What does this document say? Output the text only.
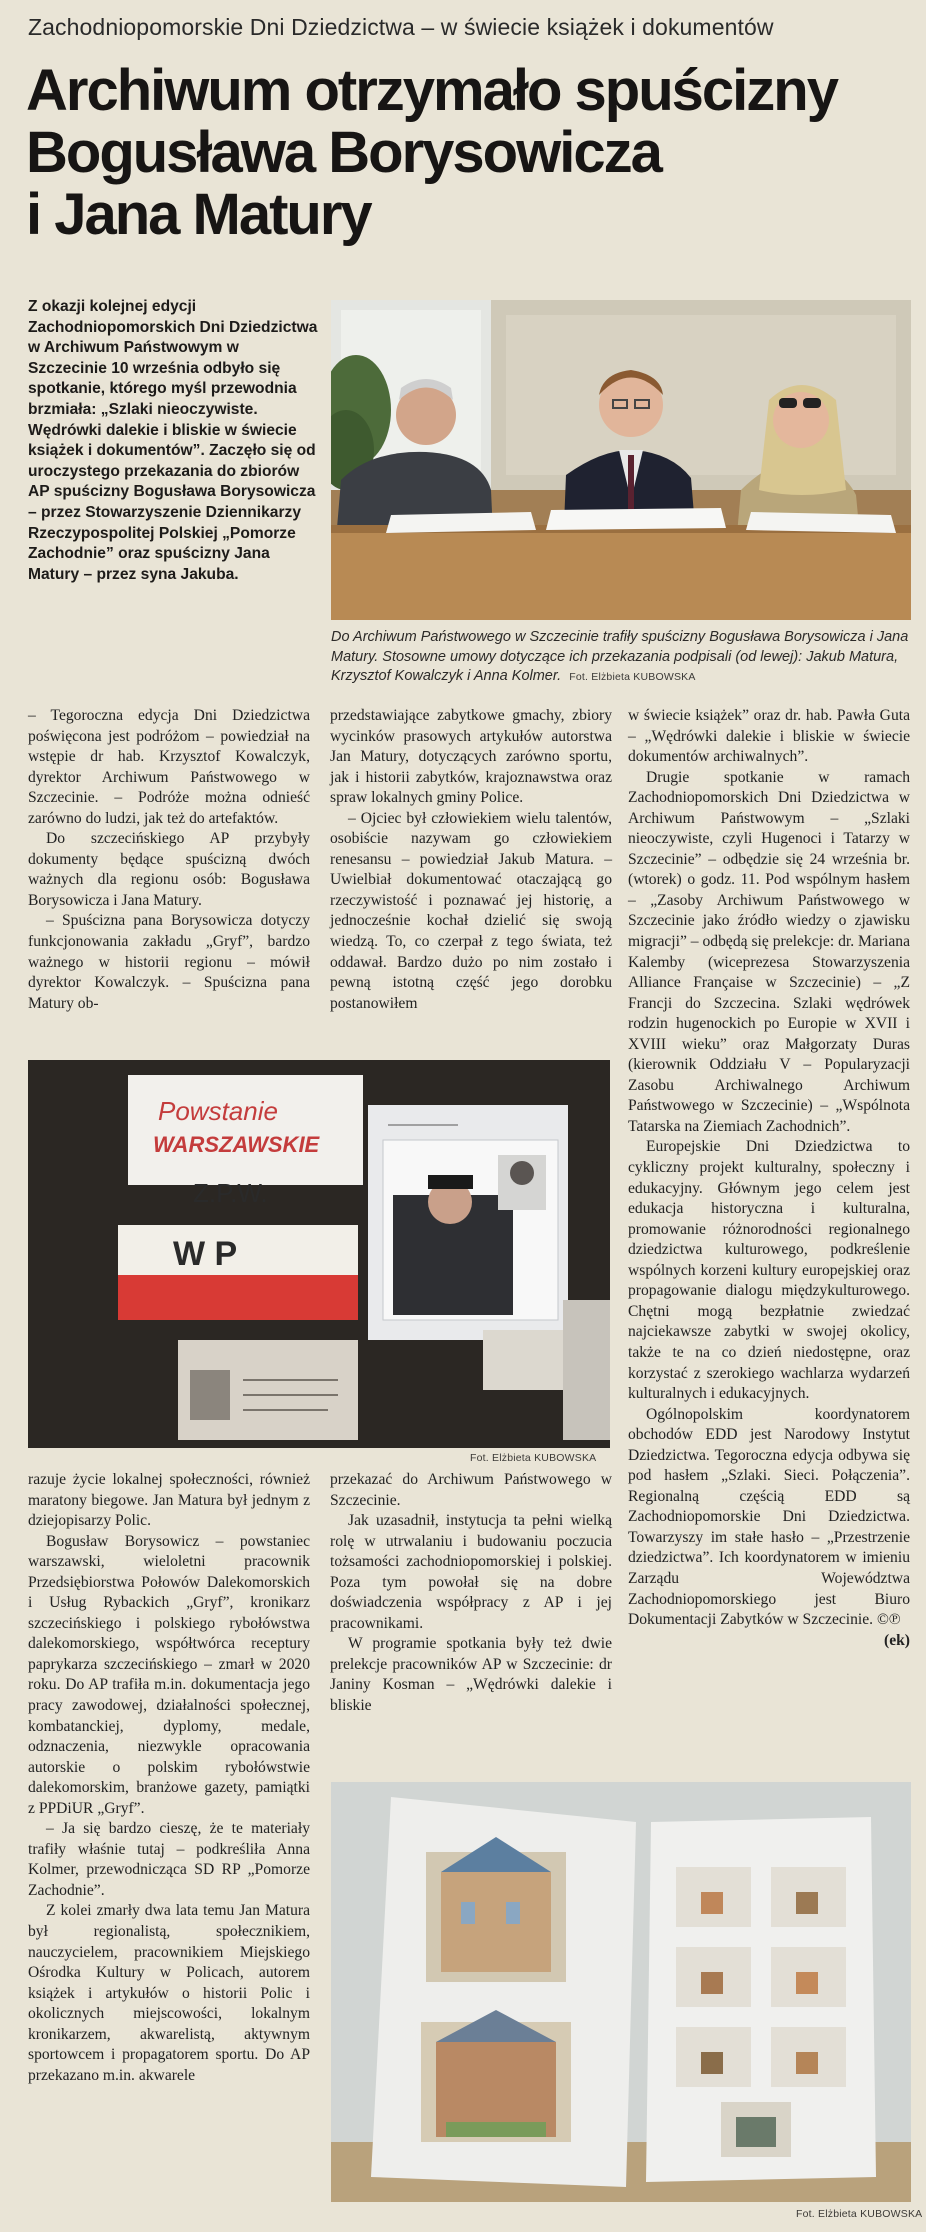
Zachodniopomorskie Dni Dziedzictwa – w świecie książek i dokumentów
Archiwum otrzymało spuścizny
Bogusława Borysowicza
i Jana Matury
Z okazji kolejnej edycji Zachodniopomorskich Dni Dziedzictwa w Archiwum Państwowym w Szczecinie 10 września odbyło się spotkanie, którego myśl przewodnia brzmiała: „Szlaki nieoczywiste. Wędrówki dalekie i bliskie w świecie książek i dokumentów”. Zaczęło się od uroczystego przekazania do zbiorów AP spuścizny Bogusława Borysowicza – przez Stowarzyszenie Dziennikarzy Rzeczypospolitej Polskiej „Pomorze Zachodnie” oraz spuścizny Jana Matury – przez syna Jakuba.
Do Archiwum Państwowego w Szczecinie trafiły spuścizny Bogusława Borysowicza i Jana Matury. Stosowne umowy dotyczące ich przekazania podpisali (od lewej): Jakub Matura, Krzysztof Kowalczyk i Anna Kolmer. Fot. Elżbieta KUBOWSKA

– Tegoroczna edycja Dni Dziedzictwa poświęcona jest podróżom – powiedział na wstępie dr hab. Krzysztof Kowalczyk, dyrektor Archiwum Państwowego w Szczecinie. – Podróże można odnieść zarówno do ludzi, jak też do artefaktów.

Do szczecińskiego AP przybyły dokumenty będące spuścizną dwóch ważnych dla regionu osób: Bogusława Borysowicza i Jana Matury.

– Spuścizna pana Borysowicza dotyczy funkcjonowania zakładu „Gryf”, bardzo ważnego w historii regionu – mówił dyrektor Kowalczyk. – Spuścizna pana Matury ob-

przedstawiające zabytkowe gmachy, zbiory wycinków prasowych artykułów autorstwa Jan Matury, dotyczących zarówno sportu, jak i historii zabytków, krajoznawstwa oraz spraw lokalnych gminy Police.

– Ojciec był człowiekiem wielu talentów, osobiście nazywam go człowiekiem renesansu – powiedział Jakub Matura. – Uwielbiał dokumentować otaczającą go rzeczywistość i poznawać jej historię, a jednocześnie kochał dzielić się swoją wiedzą. To, co czerpał z tego świata, też oddawał. Bardzo dużo po nim zostało i pewną istotną część jego dorobku postanowiłem

w świecie książek” oraz dr. hab. Pawła Guta – „Wędrówki dalekie i bliskie w świecie dokumentów archiwalnych”.

Drugie spotkanie w ramach Zachodniopomorskich Dni Dziedzictwa w Archiwum Państwowym – „Szlaki nieoczywiste, czyli Hugenoci i Tatarzy w Szczecinie” – odbędzie się 24 września br. (wtorek) o godz. 11. Pod wspólnym hasłem – „Zasoby Archiwum Państwowego w Szczecinie jako źródło wiedzy o zjawisku migracji” – odbędą się prelekcje: dr. Mariana Kalemby (wiceprezesa Stowarzyszenia Alliance Française w Szczecinie) – „Z Francji do Szczecina. Szlaki wędrówek rodzin hugenockich po Europie w XVII i XVIII wieku” oraz Małgorzaty Duras (kierownik Oddziału V – Popularyzacji Zasobu Archiwalnego Archiwum Państwowego w Szczecinie) – „Wspólnota Tatarska na Ziemiach Zachodnich”.

Europejskie Dni Dziedzictwa to cykliczny projekt kulturalny, społeczny i edukacyjny. Głównym jego celem jest edukacja historyczna i kulturalna, promowanie różnorodności regionalnego dziedzictwa kulturowego, podkreślenie wspólnych korzeni kultury europejskiej oraz propagowanie dialogu międzykulturowego. Chętni mogą bezpłatnie zwiedzać najciekawsze zabytki w swojej okolicy, także te na co dzień niedostępne, oraz korzystać z szerokiego wachlarza wydarzeń kulturalnych i edukacyjnych.

Ogólnopolskim koordynatorem obchodów EDD jest Narodowy Instytut Dziedzictwa. Tegoroczna edycja odbywa się pod hasłem „Szlaki. Sieci. Połączenia”. Regionalną częścią EDD są Zachodniopomorskie Dni Dziedzictwa. Towarzyszy im stałe hasło – „Przestrzenie dziedzictwa”. Ich koordynatorem w imieniu Zarządu Województwa Zachodniopomorskiego jest Biuro Dokumentacji Zabytków w Szczecinie. ©℗
(ek)

Powstanie
WARSZAWSKIE
Z.P.W.
W P
Fot. Elżbieta KUBOWSKA

razuje życie lokalnej społeczności, również maratony biegowe. Jan Matura był jednym z dziejopisarzy Polic.

Bogusław Borysowicz – powstaniec warszawski, wieloletni pracownik Przedsiębiorstwa Połowów Dalekomorskich i Usług Rybackich „Gryf”, kronikarz szczecińskiego i polskiego rybołówstwa dalekomorskiego, współtwórca receptury paprykarza szczecińskiego – zmarł w 2020 roku. Do AP trafiła m.in. dokumentacja jego pracy zawodowej, działalności społecznej, kombatanckiej, dyplomy, medale, odznaczenia, niezwykle opracowania autorskie o polskim rybołówstwie dalekomorskim, branżowe gazety, pamiątki z PPDiUR „Gryf”.

– Ja się bardzo cieszę, że te materiały trafiły właśnie tutaj – podkreśliła Anna Kolmer, przewodnicząca SD RP „Pomorze Zachodnie”.

Z kolei zmarły dwa lata temu Jan Matura był regionalistą, społecznikiem, nauczycielem, pracownikiem Miejskiego Ośrodka Kultury w Policach, autorem książek i artykułów o historii Polic i okolicznych miejscowości, lokalnym kronikarzem, akwarelistą, aktywnym sportowcem i propagatorem sportu. Do AP przekazano m.in. akwarele

przekazać do Archiwum Państwowego w Szczecinie.

Jak uzasadnił, instytucja ta pełni wielką rolę w utrwalaniu i budowaniu poczucia tożsamości zachodniopomorskiej i polskiej. Poza tym powołał się na dobre doświadczenia współpracy z AP i jej pracownikami.

W programie spotkania były też dwie prelekcje pracowników AP w Szczecinie: dr Janiny Kosman – „Wędrówki dalekie i bliskie

Fot. Elżbieta KUBOWSKA
